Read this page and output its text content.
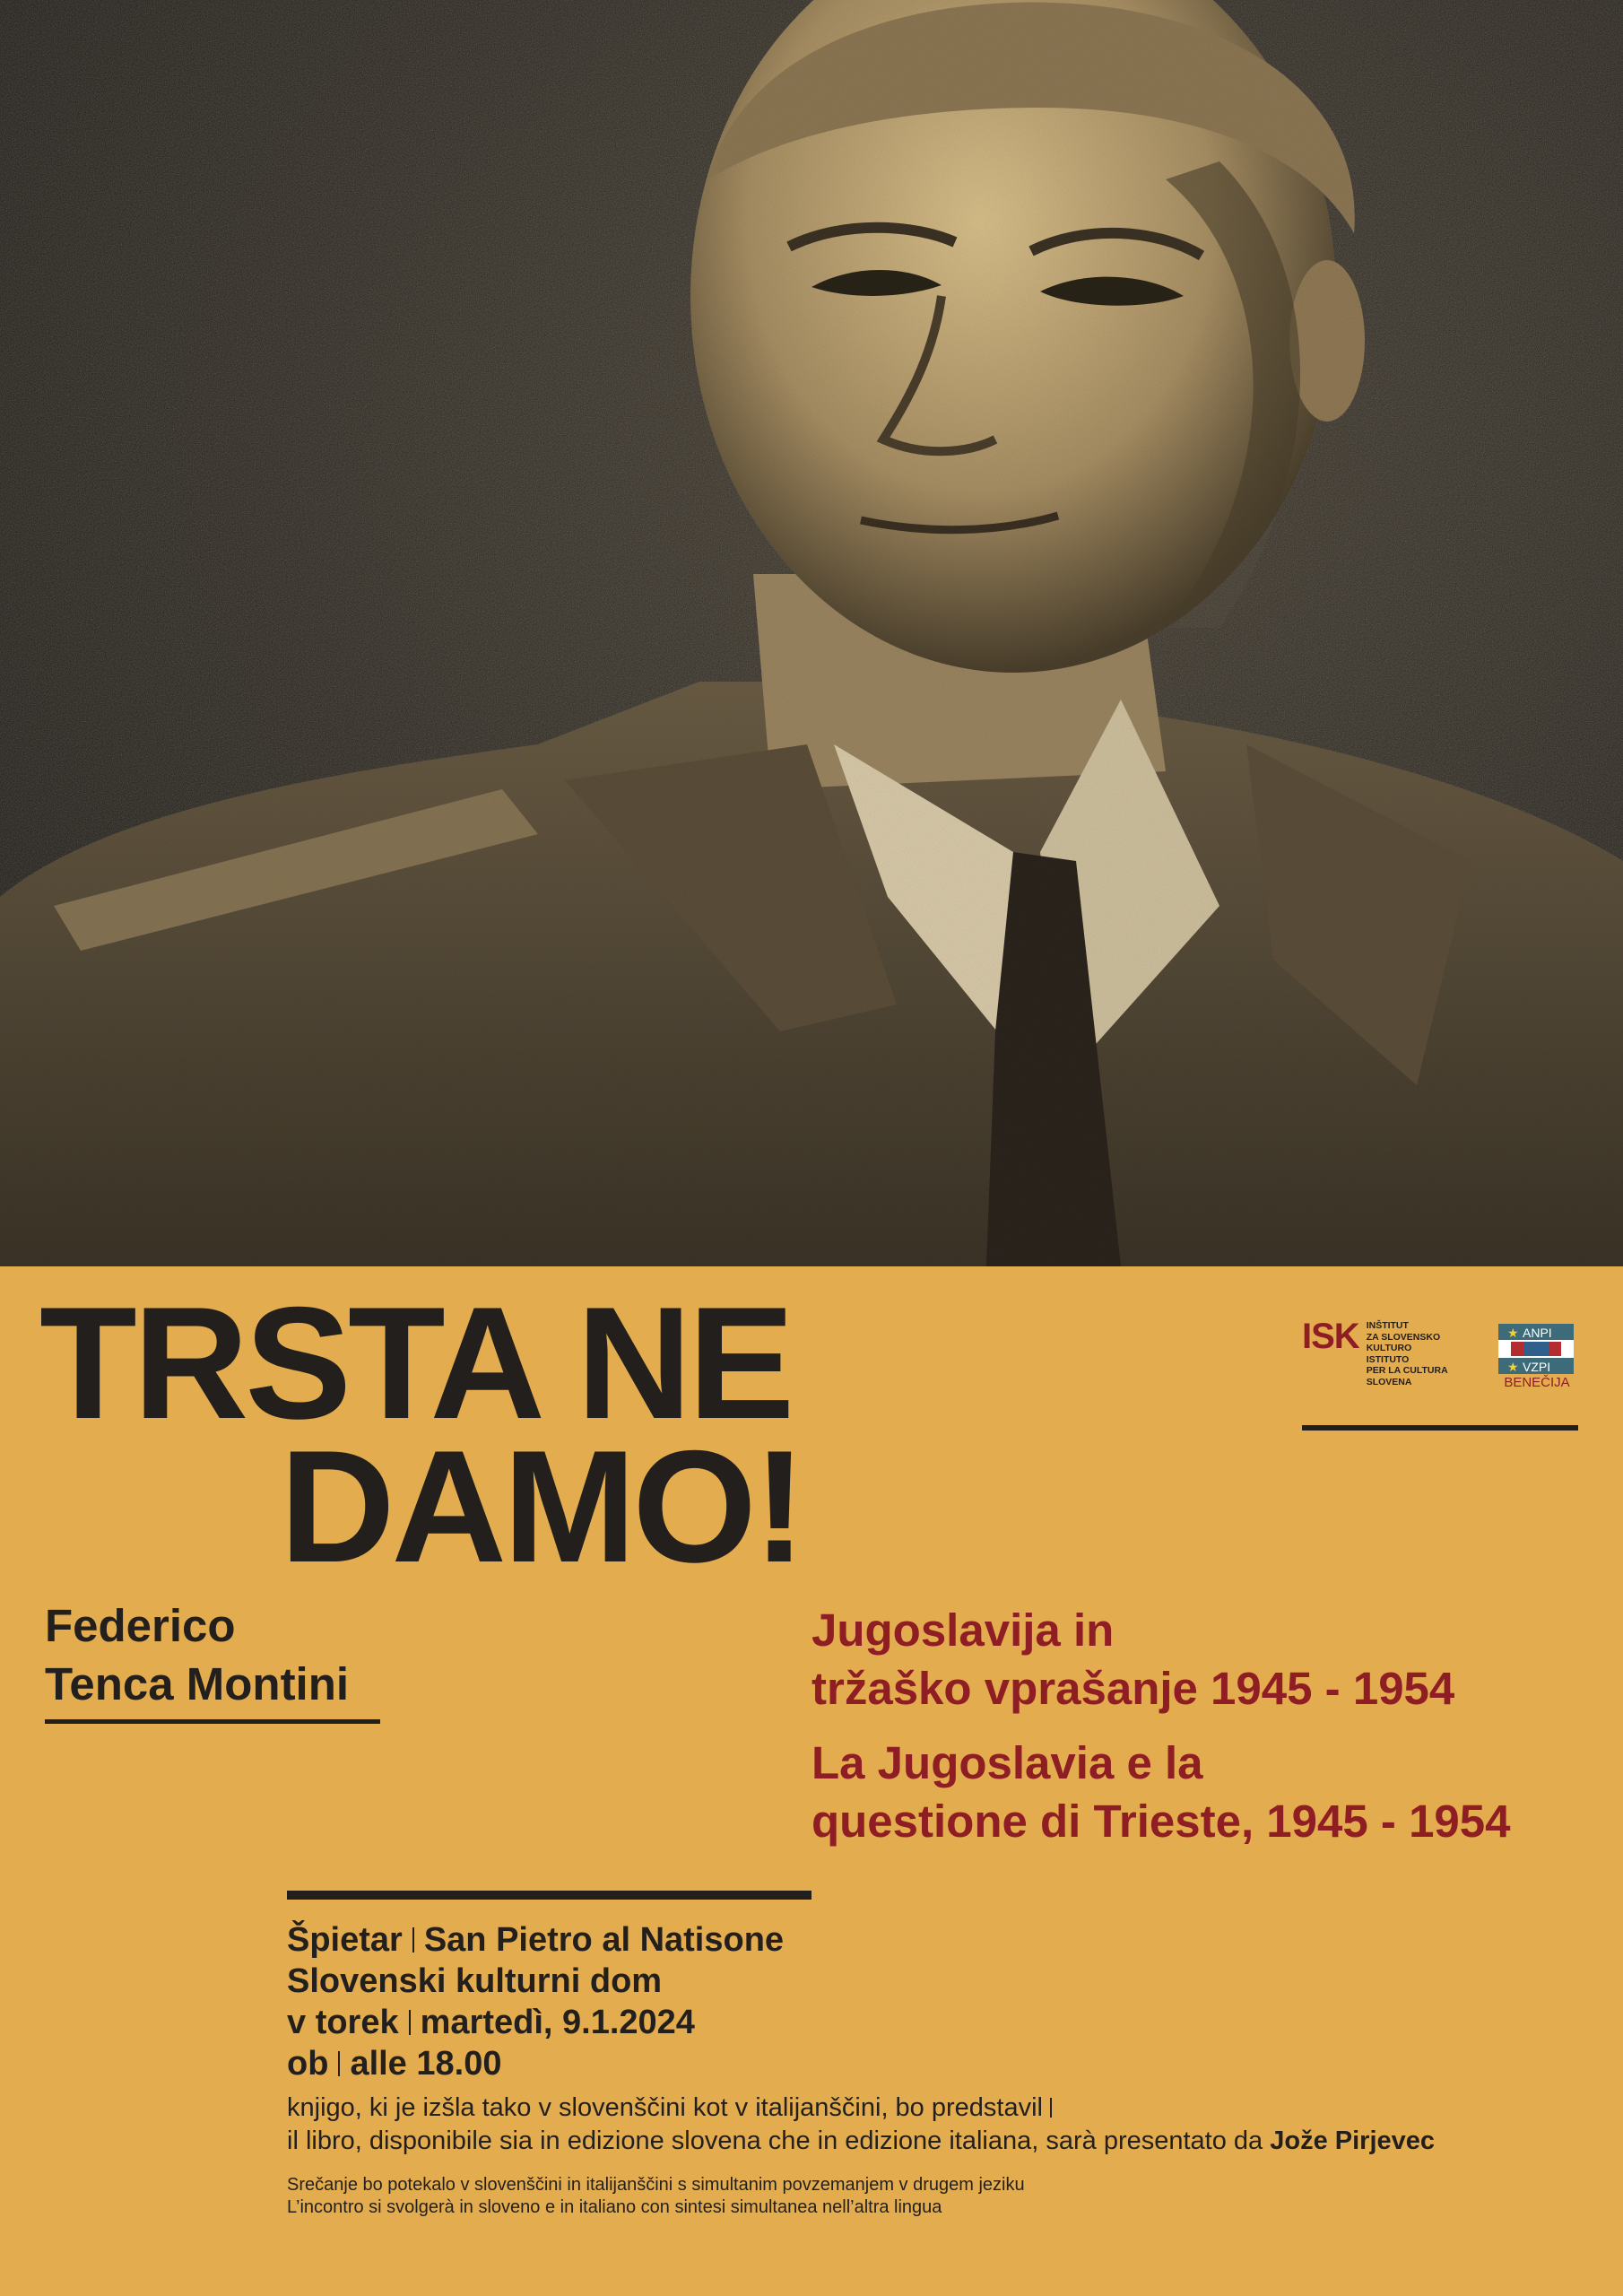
TRSTA NE
DAMO!
ISK INŠTITUT
ZA SLOVENSKO
KULTURO
ISTITUTO
PER LA CULTURA
SLOVENA
★
★
ANPI
VZPI
BENEČIJA
Federico
Tenca Montini
Jugoslavija in
tržaško vprašanje 1945 - 1954
La Jugoslavia e la
questione di Trieste, 1945 - 1954
Špietar San Pietro al Natisone
Slovenski kulturni dom
v torek martedì, 9.1.2024
ob alle 18.00
knjigo, ki je izšla tako v slovenščini kot v italijanščini, bo predstavil
il libro, disponibile sia in edizione slovena che in edizione italiana, sarà presentato da Jože Pirjevec
Srečanje bo potekalo v slovenščini in italijanščini s simultanim povzemanjem v drugem jeziku
L’incontro si svolgerà in sloveno e in italiano con sintesi simultanea nell’altra lingua
